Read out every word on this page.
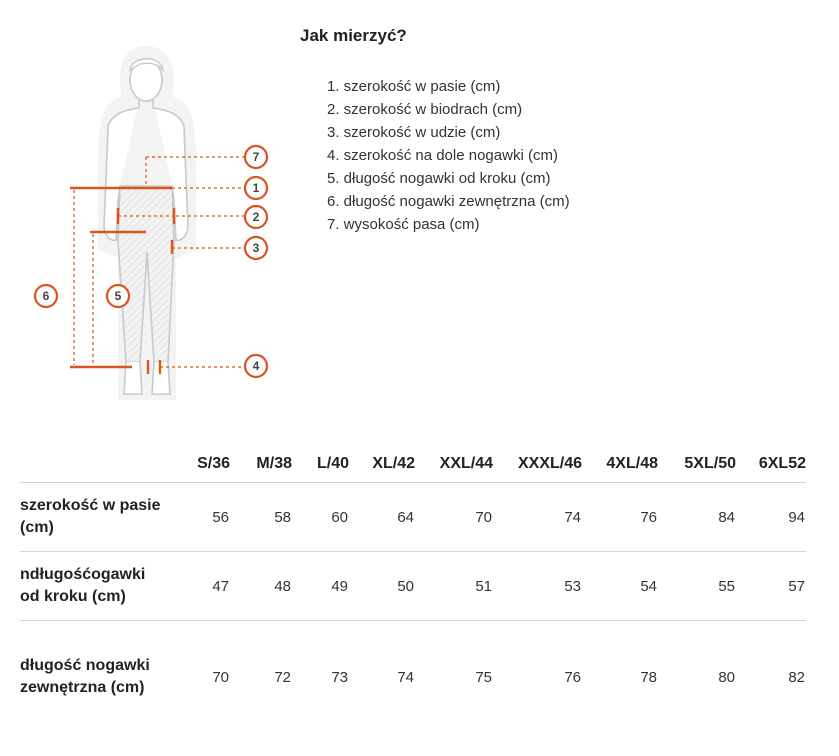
7
1
2
3
6	5
4
Jak mierzyć?
1. szerokość w pasie (cm)
2. szerokość w biodrach (cm)
3. szerokość w udzie (cm)
4. szerokość na dole nogawki (cm)
5. długość nogawki od kroku (cm)
6. długość nogawki zewnętrzna (cm)
7. wysokość pasa (cm)
	S/36	M/38	L/40	XL/42	XXL/44	XXXL/46	4XL/48	5XL/50	6XL52
szerokość w pasie (cm)	56	58	60	64	70	74	76	84	94
ndługośćogawki od kroku (cm)	47	48	49	50	51	53	54	55	57
długość nogawki zewnętrzna (cm)	70	72	73	74	75	76	78	80	82
